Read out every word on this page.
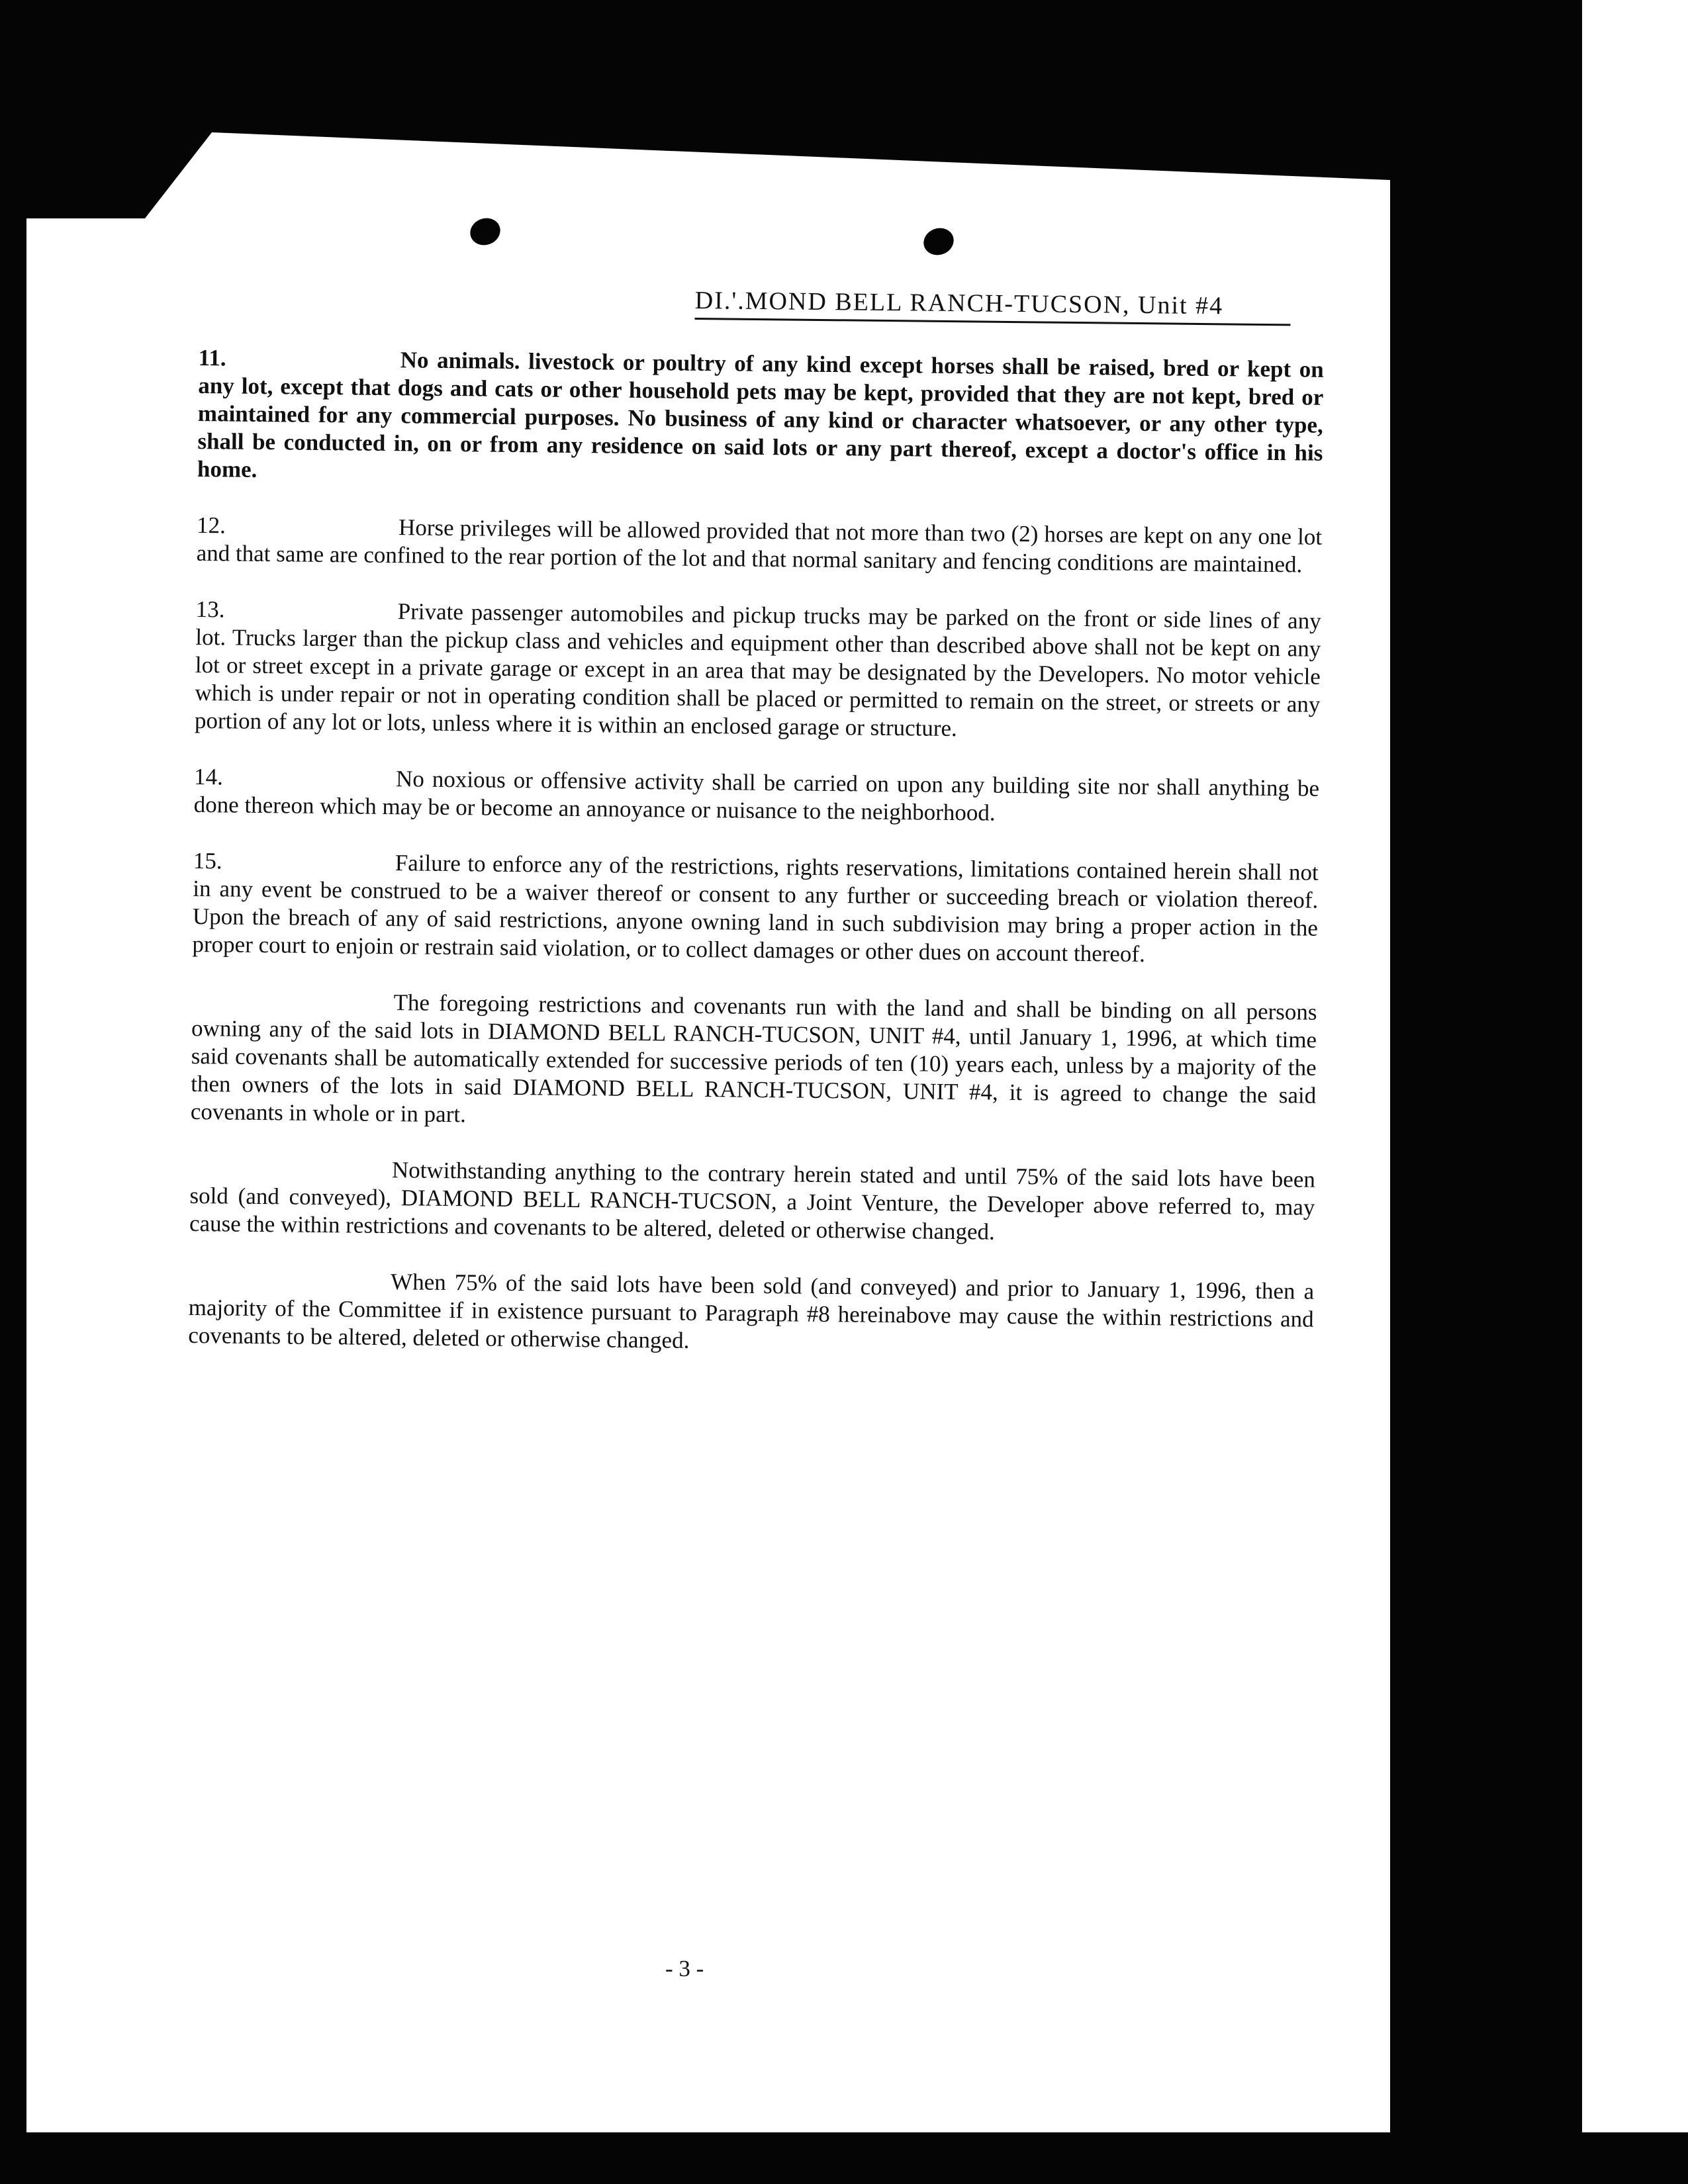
DI.'.MOND BELL RANCH-TUCSON, Unit #4

11.	No animals. livestock or poultry of any kind except horses shall be raised, bred or kept on any lot, except that dogs and cats or other household pets may be kept, provided that they are not kept, bred or maintained for any commercial purposes. No business of any kind or character whatsoever, or any other type, shall be conducted in, on or from any residence on said lots or any part thereof, except a doctor's office in his home.

12.	Horse privileges will be allowed provided that not more than two (2) horses are kept on any one lot and that same are confined to the rear portion of the lot and that normal sanitary and fencing conditions are maintained.

13.	Private passenger automobiles and pickup trucks may be parked on the front or side lines of any lot. Trucks larger than the pickup class and vehicles and equipment other than described above shall not be kept on any lot or street except in a private garage or except in an area that may be designated by the Developers. No motor vehicle which is under repair or not in operating condition shall be placed or permitted to remain on the street, or streets or any portion of any lot or lots, unless where it is within an enclosed garage or structure.

14.	No noxious or offensive activity shall be carried on upon any building site nor shall anything be done thereon which may be or become an annoyance or nuisance to the neighborhood.

15.	Failure to enforce any of the restrictions, rights reservations, limitations contained herein shall not in any event be construed to be a waiver thereof or consent to any further or succeeding breach or violation thereof. Upon the breach of any of said restrictions, anyone owning land in such subdivision may bring a proper action in the proper court to enjoin or restrain said violation, or to collect damages or other dues on account thereof.

The foregoing restrictions and covenants run with the land and shall be binding on all persons owning any of the said lots in DIAMOND BELL RANCH-TUCSON, UNIT #4, until January 1, 1996, at which time said covenants shall be automatically extended for successive periods of ten (10) years each, unless by a majority of the then owners of the lots in said DIAMOND BELL RANCH-TUCSON, UNIT #4, it is agreed to change the said covenants in whole or in part.

Notwithstanding anything to the contrary herein stated and until 75% of the said lots have been sold (and conveyed), DIAMOND BELL RANCH-TUCSON, a Joint Venture, the Developer above referred to, may cause the within restrictions and covenants to be altered, deleted or otherwise changed.

When 75% of the said lots have been sold (and conveyed) and prior to January 1, 1996, then a majority of the Committee if in existence pursuant to Paragraph #8 hereinabove may cause the within restrictions and covenants to be altered, deleted or otherwise changed.

- 3 -
